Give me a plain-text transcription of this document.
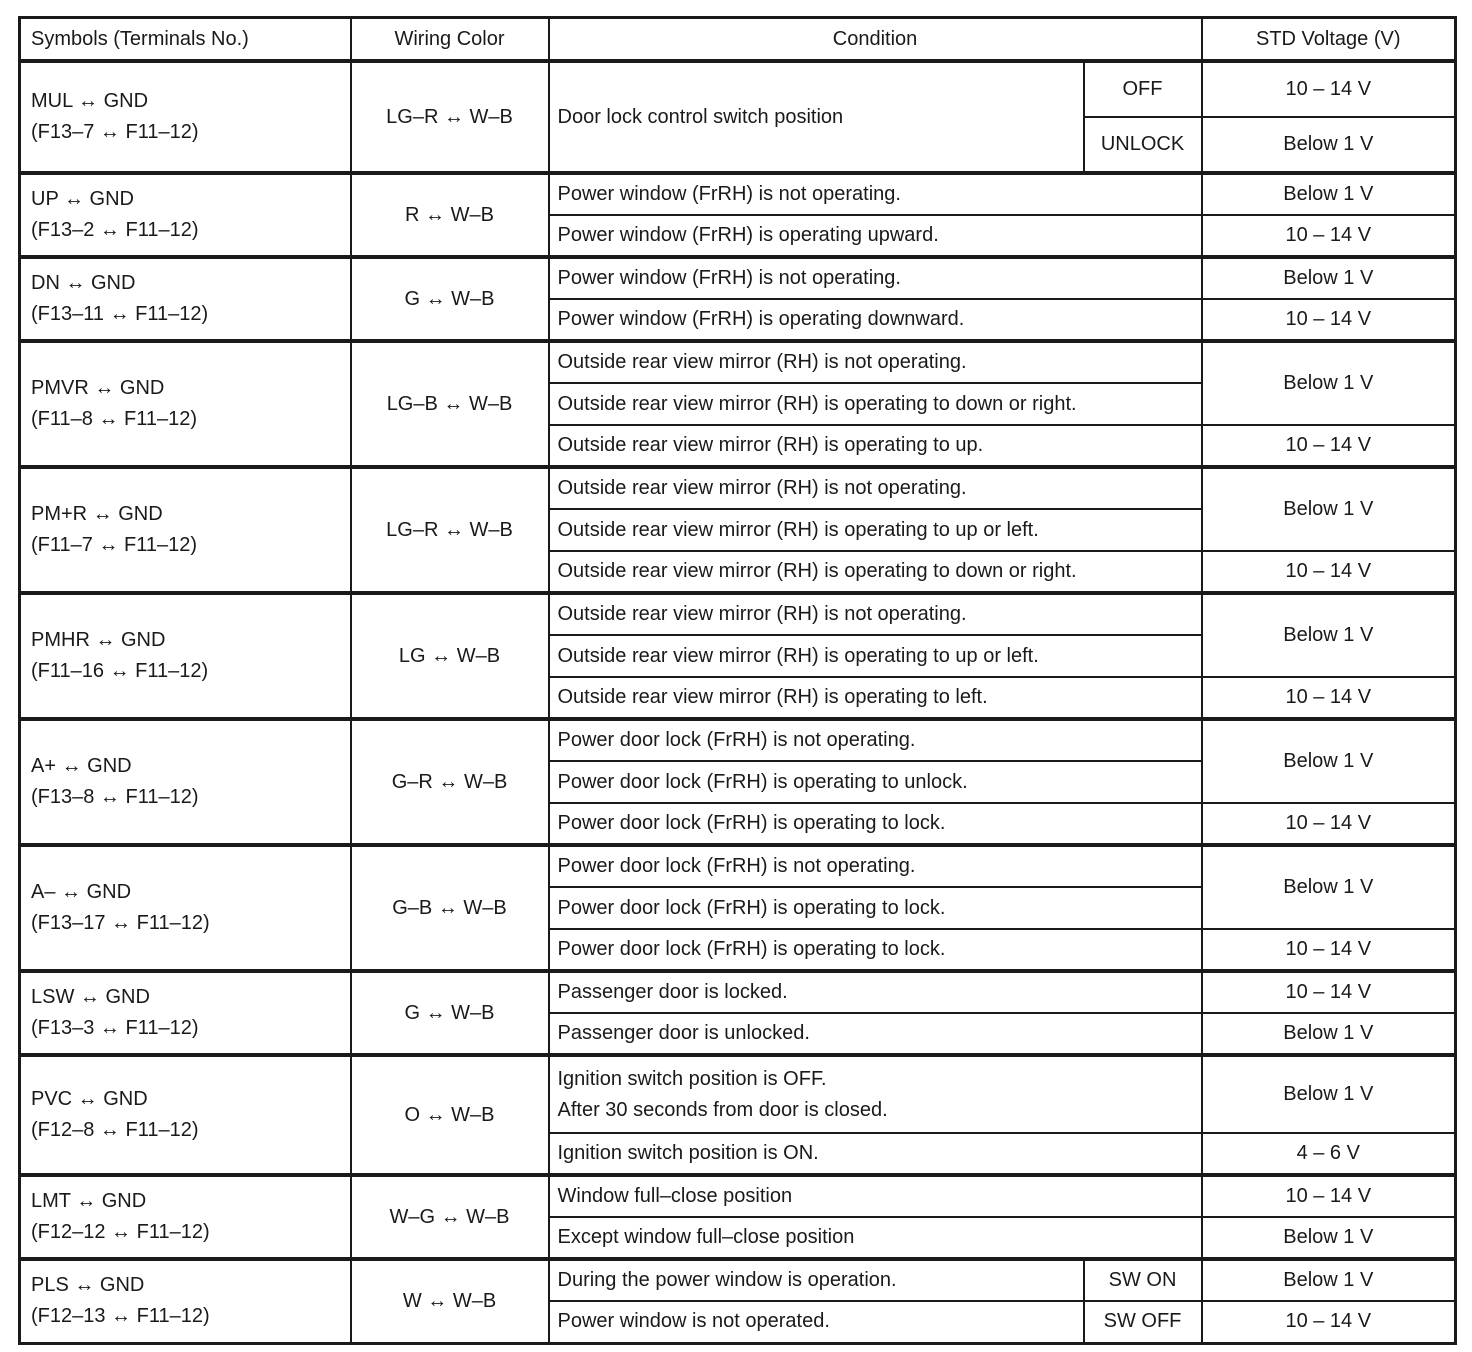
Symbols (Terminals No.)	Wiring Color	Condition		STD Voltage (V)

MUL ↔ GND
(F13–7 ↔ F11–12)	LG–R ↔ W–B	Door lock control switch position	OFF	10 – 14 V
			UNLOCK	Below 1 V

UP ↔ GND
(F13–2 ↔ F11–12)	R ↔ W–B	Power window (FrRH) is not operating.		Below 1 V
		Power window (FrRH) is operating upward.		10 – 14 V

DN ↔ GND
(F13–11 ↔ F11–12)	G ↔ W–B	Power window (FrRH) is not operating.		Below 1 V
		Power window (FrRH) is operating downward.		10 – 14 V

PMVR ↔ GND
(F11–8 ↔ F11–12)	LG–B ↔ W–B	Outside rear view mirror (RH) is not operating.		Below 1 V
		Outside rear view mirror (RH) is operating to down or right.		
		Outside rear view mirror (RH) is operating to up.		10 – 14 V

PM+R ↔ GND
(F11–7 ↔ F11–12)	LG–R ↔ W–B	Outside rear view mirror (RH) is not operating.		Below 1 V
		Outside rear view mirror (RH) is operating to up or left.		
		Outside rear view mirror (RH) is operating to down or right.		10 – 14 V

PMHR ↔ GND
(F11–16 ↔ F11–12)	LG ↔ W–B	Outside rear view mirror (RH) is not operating.		Below 1 V
		Outside rear view mirror (RH) is operating to up or left.		
		Outside rear view mirror (RH) is operating to left.		10 – 14 V

A+ ↔ GND
(F13–8 ↔ F11–12)	G–R ↔ W–B	Power door lock (FrRH) is not operating.		Below 1 V
		Power door lock (FrRH) is operating to unlock.		
		Power door lock (FrRH) is operating to lock.		10 – 14 V

A– ↔ GND
(F13–17 ↔ F11–12)	G–B ↔ W–B	Power door lock (FrRH) is not operating.		Below 1 V
		Power door lock (FrRH) is operating to lock.		
		Power door lock (FrRH) is operating to lock.		10 – 14 V

LSW ↔ GND
(F13–3 ↔ F11–12)	G ↔ W–B	Passenger door is locked.		10 – 14 V
		Passenger door is unlocked.		Below 1 V

PVC ↔ GND
(F12–8 ↔ F11–12)	O ↔ W–B	Ignition switch position is OFF.
After 30 seconds from door is closed.		Below 1 V
		Ignition switch position is ON.		4 – 6 V

LMT ↔ GND
(F12–12 ↔ F11–12)	W–G ↔ W–B	Window full–close position		10 – 14 V
		Except window full–close position		Below 1 V

PLS ↔ GND
(F12–13 ↔ F11–12)	W ↔ W–B	During the power window is operation.	SW ON	Below 1 V
		Power window is not operated.	SW OFF	10 – 14 V
